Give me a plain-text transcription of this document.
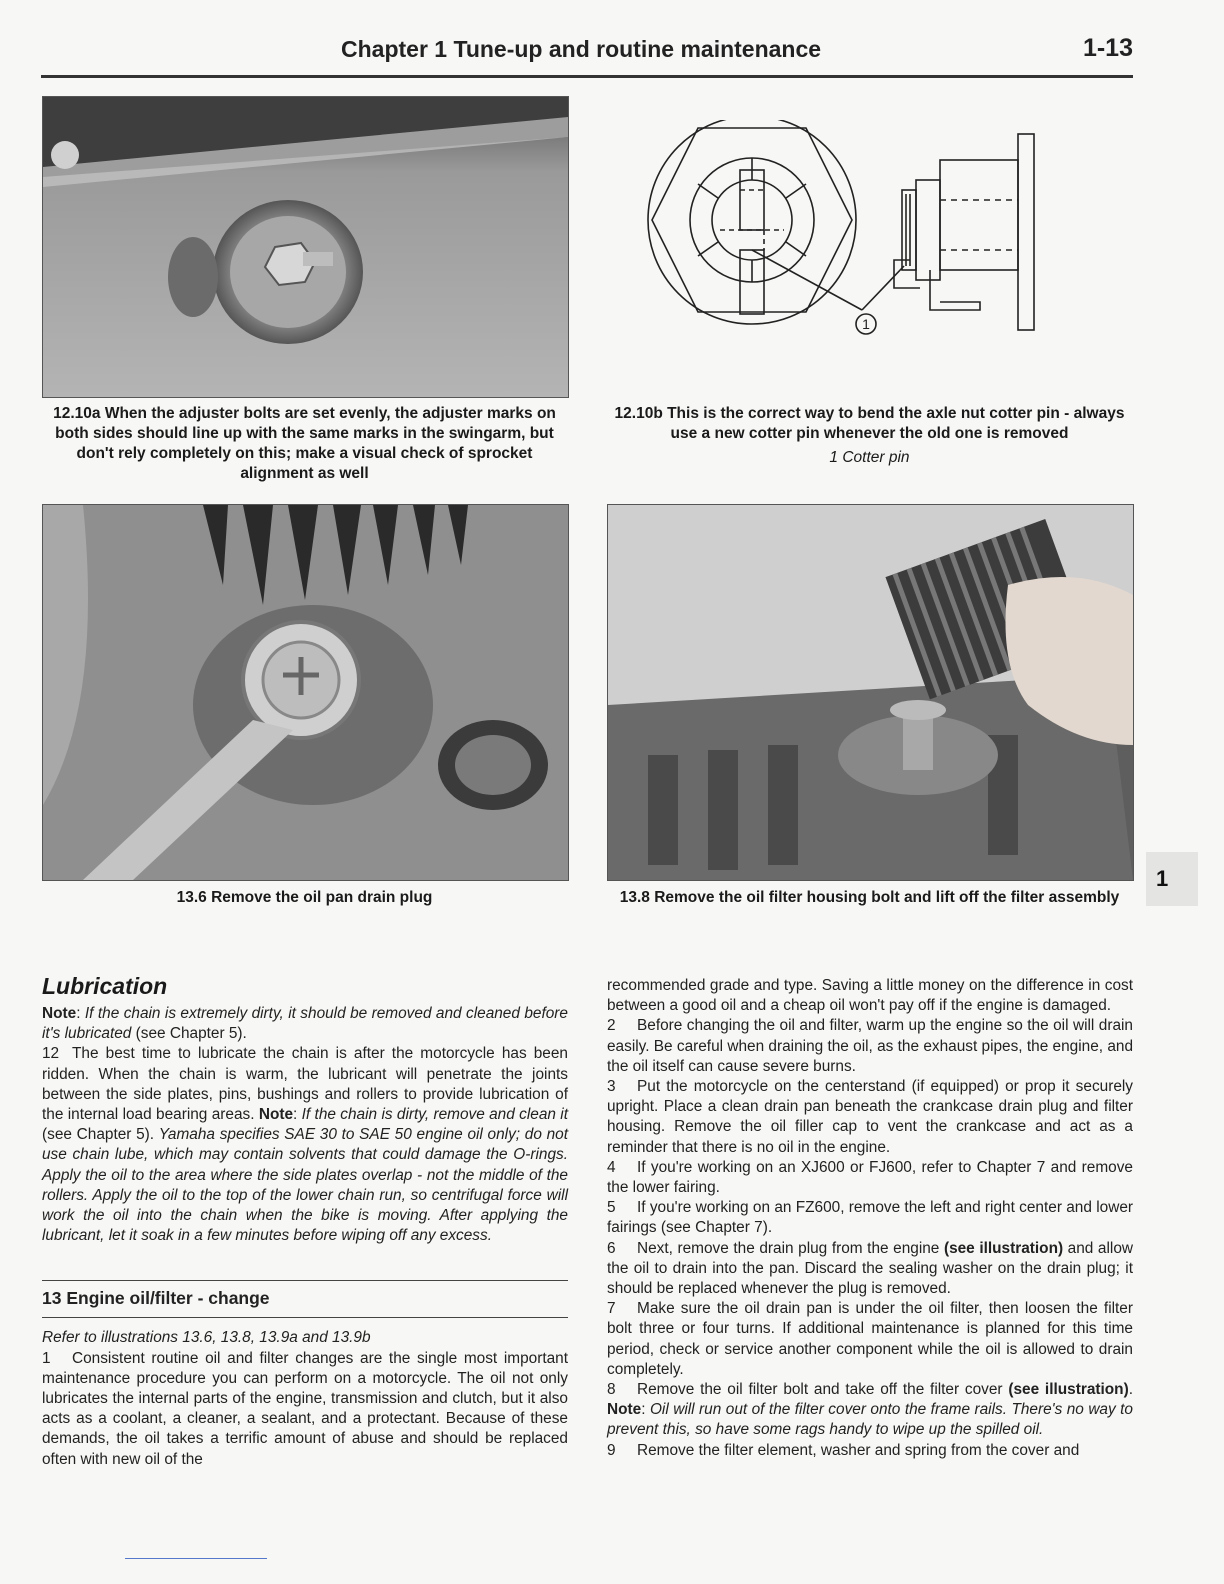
Chapter 1 Tune-up and routine maintenance	1-13
12.10a When the adjuster bolts are set evenly, the adjuster marks on both sides should line up with the same marks in the swingarm, but don't rely completely on this; make a visual check of sprocket alignment as well
1
12.10b This is the correct way to bend the axle nut cotter pin - always use a new cotter pin whenever the old one is removed
1 Cotter pin
13.6 Remove the oil pan drain plug	13.8 Remove the oil filter housing bolt and lift off the filter assembly
1
Lubrication

Note: If the chain is extremely dirty, it should be removed and cleaned before it's lubricated (see Chapter 5).

12 The best time to lubricate the chain is after the motorcycle has been ridden. When the chain is warm, the lubricant will penetrate the joints between the side plates, pins, bushings and rollers to provide lubrication of the internal load bearing areas. Note: If the chain is dirty, remove and clean it (see Chapter 5). Yamaha specifies SAE 30 to SAE 50 engine oil only; do not use chain lube, which may contain solvents that could damage the O-rings. Apply the oil to the area where the side plates overlap - not the middle of the rollers. Apply the oil to the top of the lower chain run, so centrifugal force will work the oil into the chain when the bike is moving. After applying the lubricant, let it soak in a few minutes before wiping off any excess.

13 Engine oil/filter - change

Refer to illustrations 13.6, 13.8, 13.9a and 13.9b

1 Consistent routine oil and filter changes are the single most important maintenance procedure you can perform on a motorcycle. The oil not only lubricates the internal parts of the engine, transmission and clutch, but it also acts as a coolant, a cleaner, a sealant, and a protectant. Because of these demands, the oil takes a terrific amount of abuse and should be replaced often with new oil of the

recommended grade and type. Saving a little money on the difference in cost between a good oil and a cheap oil won't pay off if the engine is damaged.

2 Before changing the oil and filter, warm up the engine so the oil will drain easily. Be careful when draining the oil, as the exhaust pipes, the engine, and the oil itself can cause severe burns.

3 Put the motorcycle on the centerstand (if equipped) or prop it securely upright. Place a clean drain pan beneath the crankcase drain plug and filter housing. Remove the oil filler cap to vent the crankcase and act as a reminder that there is no oil in the engine.

4 If you're working on an XJ600 or FJ600, refer to Chapter 7 and remove the lower fairing.

5 If you're working on an FZ600, remove the left and right center and lower fairings (see Chapter 7).

6 Next, remove the drain plug from the engine (see illustration) and allow the oil to drain into the pan. Discard the sealing washer on the drain plug; it should be replaced whenever the plug is removed.

7 Make sure the oil drain pan is under the oil filter, then loosen the filter bolt three or four turns. If additional maintenance is planned for this time period, check or service another component while the oil is allowed to drain completely.

8 Remove the oil filter bolt and take off the filter cover (see illustration). Note: Oil will run out of the filter cover onto the frame rails. There's no way to prevent this, so have some rags handy to wipe up the spilled oil.

9 Remove the filter element, washer and spring from the cover and
